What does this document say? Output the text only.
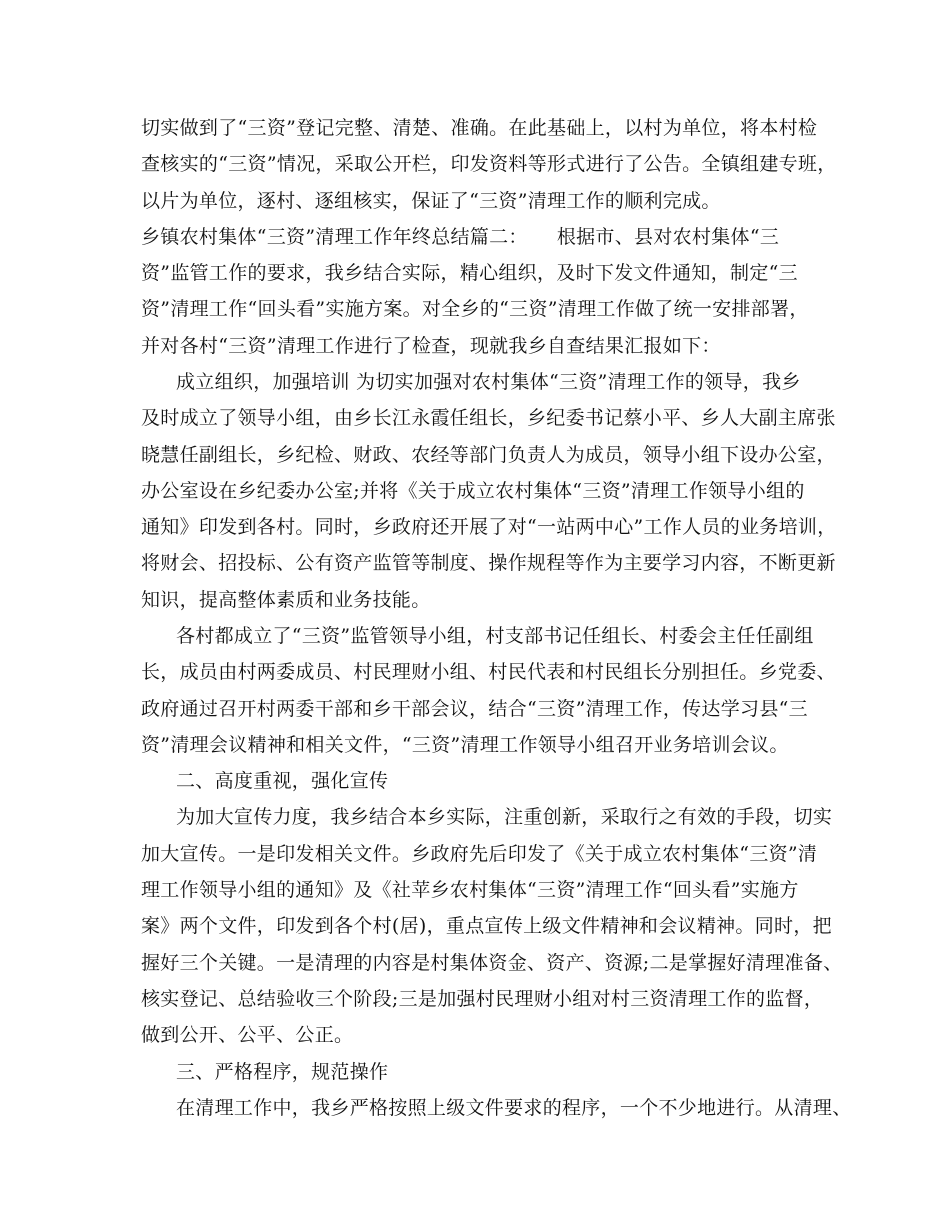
切实做到了“三资”登记完整、清楚、准确。在此基础上，以村为单位，将本村检
查核实的“三资”情况，采取公开栏，印发资料等形式进行了公告。全镇组建专班，
以片为单位，逐村、逐组核实，保证了“三资”清理工作的顺利完成。
乡镇农村集体“三资”清理工作年终总结篇二：　　根据市、县对农村集体“三
资”监管工作的要求，我乡结合实际，精心组织，及时下发文件通知，制定“三
资”清理工作“回头看”实施方案。对全乡的“三资”清理工作做了统一安排部署，
并对各村“三资”清理工作进行了检查，现就我乡自查结果汇报如下：
成立组织，加强培训 为切实加强对农村集体“三资”清理工作的领导，我乡
及时成立了领导小组，由乡长江永霞任组长，乡纪委书记蔡小平、乡人大副主席张
晓慧任副组长，乡纪检、财政、农经等部门负责人为成员，领导小组下设办公室，
办公室设在乡纪委办公室;并将《关于成立农村集体“三资”清理工作领导小组的
通知》印发到各村。同时，乡政府还开展了对“一站两中心”工作人员的业务培训，
将财会、招投标、公有资产监管等制度、操作规程等作为主要学习内容，不断更新
知识，提高整体素质和业务技能。
各村都成立了“三资”监管领导小组，村支部书记任组长、村委会主任任副组
长，成员由村两委成员、村民理财小组、村民代表和村民组长分别担任。乡党委、
政府通过召开村两委干部和乡干部会议，结合“三资”清理工作，传达学习县“三
资”清理会议精神和相关文件，“三资”清理工作领导小组召开业务培训会议。
二、高度重视，强化宣传
为加大宣传力度，我乡结合本乡实际，注重创新，采取行之有效的手段，切实
加大宣传。一是印发相关文件。乡政府先后印发了《关于成立农村集体“三资”清
理工作领导小组的通知》及《社苹乡农村集体“三资”清理工作“回头看”实施方
案》两个文件，印发到各个村(居)，重点宣传上级文件精神和会议精神。同时，把
握好三个关键。一是清理的内容是村集体资金、资产、资源;二是掌握好清理准备、
核实登记、总结验收三个阶段;三是加强村民理财小组对村三资清理工作的监督，
做到公开、公平、公正。
三、严格程序，规范操作
在清理工作中，我乡严格按照上级文件要求的程序，一个不少地进行。从清理、
